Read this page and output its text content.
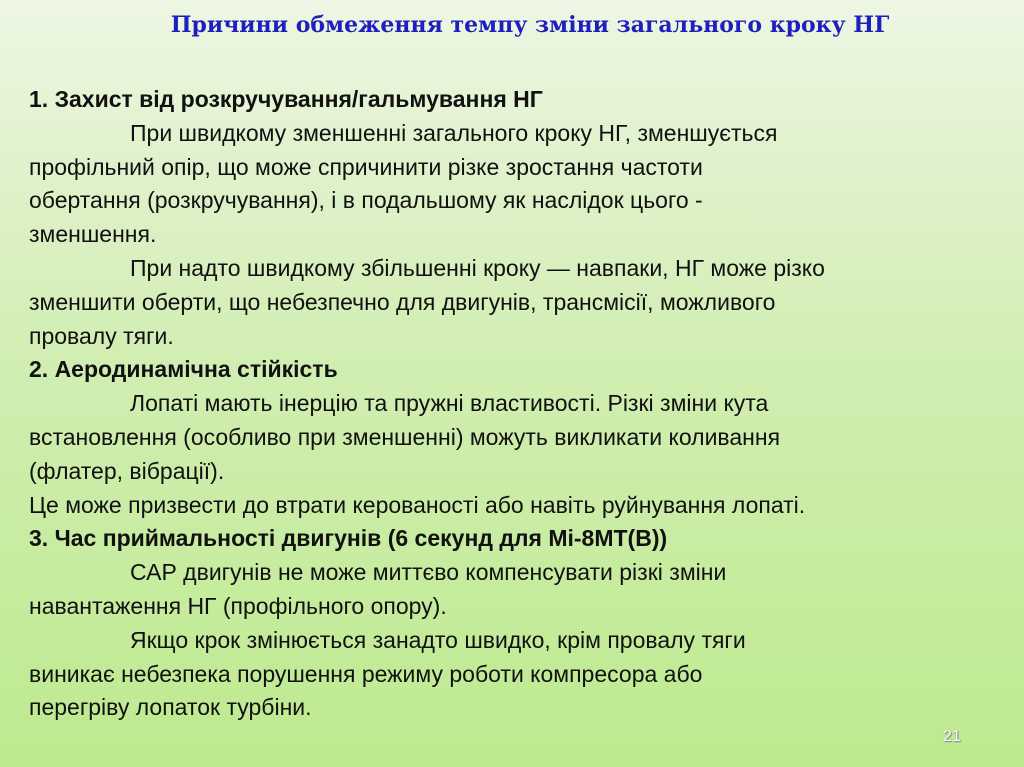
Причини обмеження темпу зміни загального кроку НГ

1. Захист від розкручування/гальмування НГ

При швидкому зменшенні загального кроку НГ, зменшується
профільний опір, що може спричинити різке зростання частоти
обертання (розкручування), і в подальшому як наслідок цього -
зменшення.

При надто швидкому збільшенні кроку — навпаки, НГ може різко
зменшити оберти, що небезпечно для двигунів, трансмісії, можливого
провалу тяги.

2. Аеродинамічна стійкість

Лопаті мають інерцію та пружні властивості. Різкі зміни кута
встановлення (особливо при зменшенні) можуть викликати коливання
(флатер, вібрації).

Це може призвести до втрати керованості або навіть руйнування лопаті.

3. Час приймальності двигунів (6 секунд для Мі-8МТ(В))

САР двигунів не може миттєво компенсувати різкі зміни
навантаження НГ (профільного опору).

Якщо крок змінюється занадто швидко, крім провалу тяги
виникає небезпека порушення режиму роботи компресора або
перегріву лопаток турбіни.

21
